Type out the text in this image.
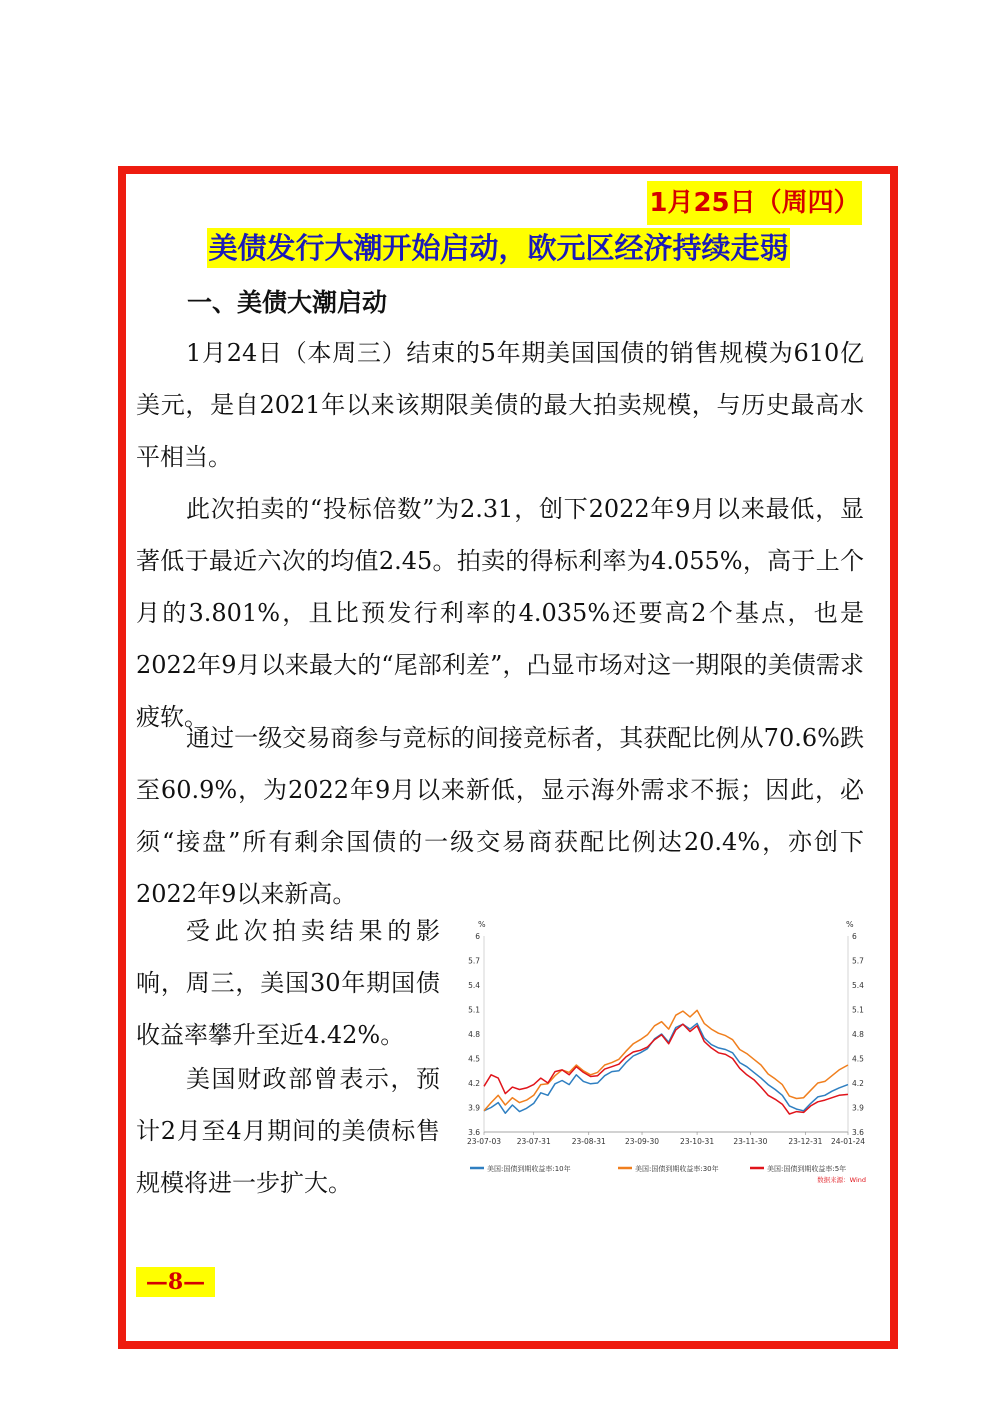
1月25日（周四）
美债发行大潮开始启动，欧元区经济持续走弱
一、美债大潮启动

1月24日（本周三）结束的5年期美国国债的销售规模为610亿美元，是自2021年以来该期限美债的最大拍卖规模，与历史最高水平相当。

此次拍卖的“投标倍数”为2.31，创下2022年9月以来最低，显著低于最近六次的均值2.45。拍卖的得标利率为4.055%，高于上个月的3.801%，且比预发行利率的4.035%还要高2个基点，也是2022年9月以来最大的“尾部利差”，凸显市场对这一期限的美债需求疲软。

通过一级交易商参与竞标的间接竞标者，其获配比例从70.6%跌至60.9%，为2022年9月以来新低，显示海外需求不振；因此，必须“接盘”所有剩余国债的一级交易商获配比例达20.4%，亦创下2022年9以来新高。

受此次拍卖结果的影响，周三，美国30年期国债收益率攀升至近4.42%。

美国财政部曾表示，预计2月至4月期间的美债标售规模将进一步扩大。

%	%
3.6
3.9
4.2
4.5
4.8
5.1
5.4
5.7
6
3.6
3.9
4.2
4.5
4.8
5.1
5.4
5.7
6
23-07-03 23-07-31	23-08-31	23-09-30	23-10-31	23-11-30	23-12-31 24-01-24
美国:国债到期收益率:10年	美国:国债到期收益率:30年	美国:国债到期收益率:5年
数据来源：Wind
—8—
